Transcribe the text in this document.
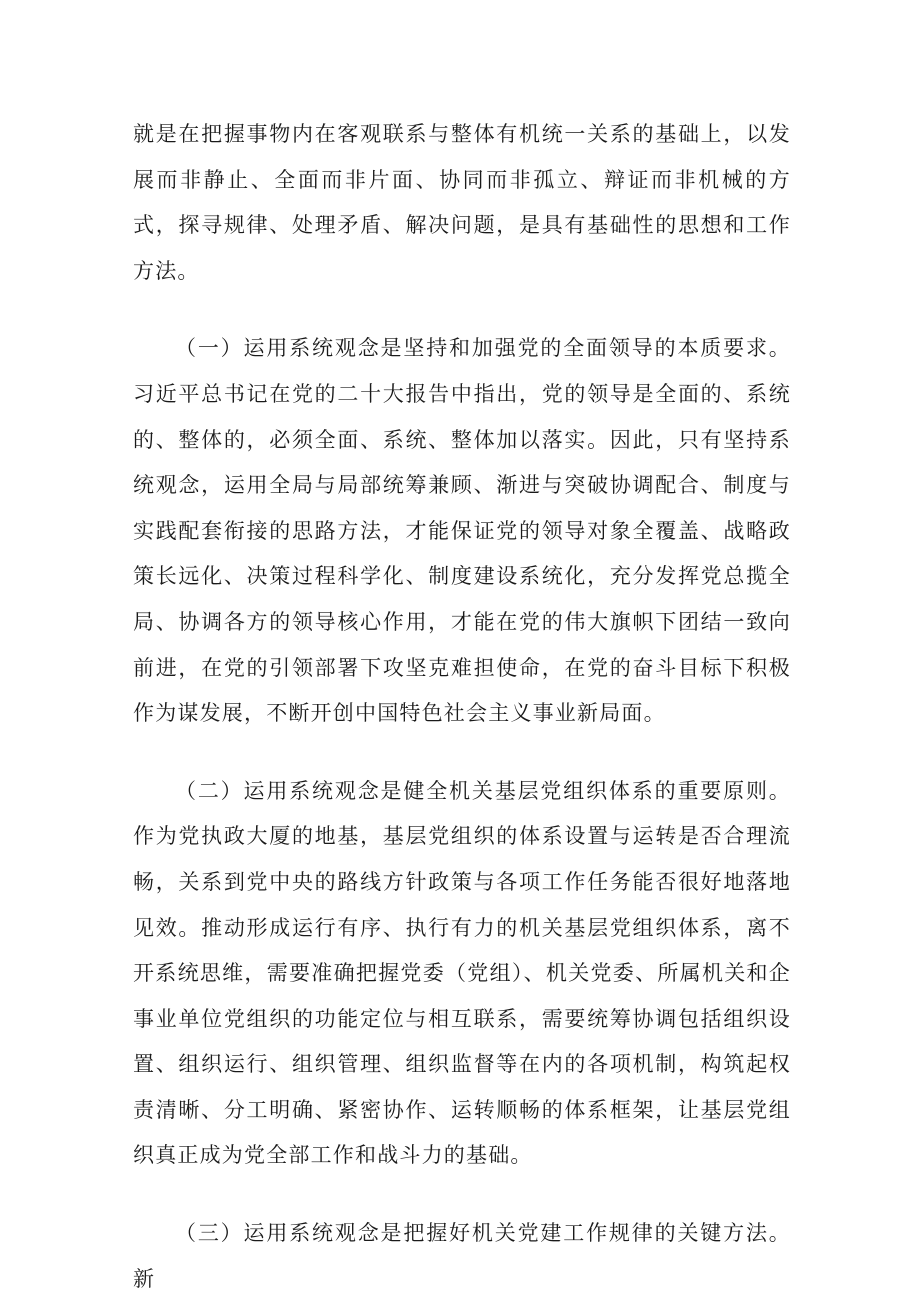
就是在把握事物内在客观联系与整体有机统一关系的基础上，以发展而非静止、全面而非片面、协同而非孤立、辩证而非机械的方式，探寻规律、处理矛盾、解决问题，是具有基础性的思想和工作方法。

（一）运用系统观念是坚持和加强党的全面领导的本质要求。习近平总书记在党的二十大报告中指出，党的领导是全面的、系统的、整体的，必须全面、系统、整体加以落实。因此，只有坚持系统观念，运用全局与局部统筹兼顾、渐进与突破协调配合、制度与实践配套衔接的思路方法，才能保证党的领导对象全覆盖、战略政策长远化、决策过程科学化、制度建设系统化，充分发挥党总揽全局、协调各方的领导核心作用，才能在党的伟大旗帜下团结一致向前进，在党的引领部署下攻坚克难担使命，在党的奋斗目标下积极作为谋发展，不断开创中国特色社会主义事业新局面。

（二）运用系统观念是健全机关基层党组织体系的重要原则。作为党执政大厦的地基，基层党组织的体系设置与运转是否合理流畅，关系到党中央的路线方针政策与各项工作任务能否很好地落地见效。推动形成运行有序、执行有力的机关基层党组织体系，离不开系统思维，需要准确把握党委（党组）、机关党委、所属机关和企事业单位党组织的功能定位与相互联系，需要统筹协调包括组织设置、组织运行、组织管理、组织监督等在内的各项机制，构筑起权责清晰、分工明确、紧密协作、运转顺畅的体系框架，让基层党组织真正成为党全部工作和战斗力的基础。

（三）运用系统观念是把握好机关党建工作规律的关键方法。新
